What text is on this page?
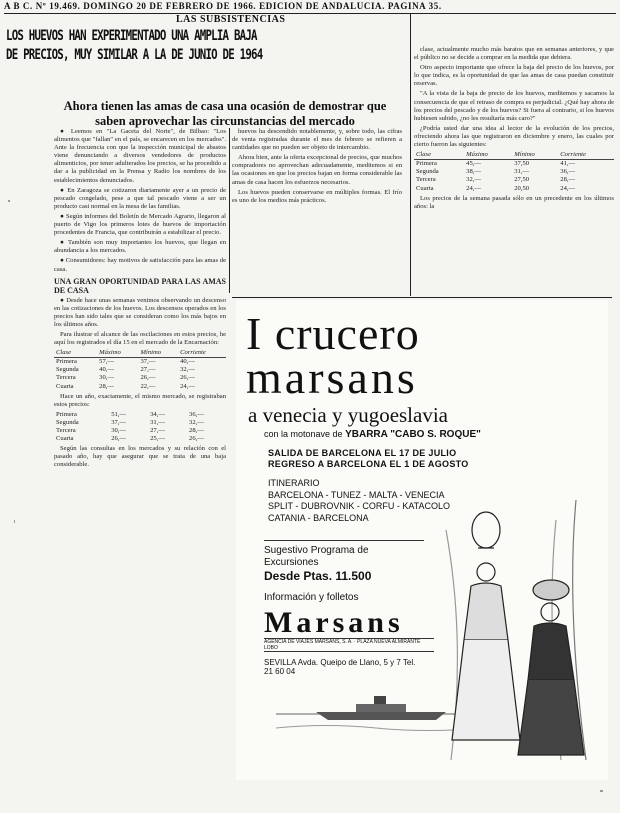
A B C. Nº 19.469. DOMINGO 20 DE FEBRERO DE 1966. EDICION DE ANDALUCIA. PAGINA 35.
LAS SUBSISTENCIAS
LOS HUEVOS HAN EXPERIMENTADO UNA AMPLIA BAJA
DE PRECIOS, MUY SIMILAR A LA DE JUNIO DE 1964
Ahora tienen las amas de casa una ocasión de demostrar que saben aprovechar las circunstancias del mercado

● Leemos en "La Gaceta del Norte", de Bilbao: "Los alimentos que "fallan" en el país, se encarecen en los mercados". Ante la frecuencia con que la inspección municipal de abastos viene denunciando a diversos vendedores de productos alimenticios, por tener adulterados los precios, se ha procedido a dar a la publicidad en la Prensa y Radio los nombres de los establecimientos denunciados.

● En Zaragoza se cotizaron diariamente ayer a un precio de pescado congelado, pese a que tal pescado viene a ser un producto casi normal en la mesa de las familias.

● Según informes del Boletín de Mercado Agrario, llegaron al puerto de Vigo los primeros lotes de huevos de importación procedentes de Francia, que contribuirán a estabilizar el precio.

● También son muy importantes los huevos, que llegan en abundancia a los mercados.

● Consumidores: hay motivos de satisfacción para las amas de casa.

UNA GRAN OPORTUNIDAD PARA LAS AMAS DE CASA

● Desde hace unas semanas venimos observando un descenso en las cotizaciones de los huevos. Los descensos operados en los precios han sido tales que se consideran como los más bajos en los últimos años.

Para ilustrar el alcance de las oscilaciones en estos precios, he aquí los registrados el día 15 en el mercado de la Encarnación:

Clase	Máximo	Mínimo	Corriente
Primera	57,—	37,—	40,—
Segunda	40,—	27,—	32,—
Tercera	30,—	26,—	26,—
Cuarta	28,—	22,—	24,—

Hace un año, exactamente, el mismo mercado, se registraban estos precios:

Primera	51,—	34,—	36,—
Segunda	37,—	31,—	32,—
Tercera	30,—	27,—	28,—
Cuarta	26,—	25,—	26,—

Según las consultas en los mercados y su relación con el pasado año, hay que asegurar que se trata de una baja considerable.

huevos ha descendido notablemente, y, sobre todo, las cifras de venta registradas durante el mes de febrero se refieren a cantidades que no pueden ser objeto de intercambio.

Ahora bien, ante la oferta excepcional de precios, que muchos compradores no aprovechan adecuadamente, meditemos si en las ocasiones en que los precios bajan en forma considerable las amas de casa hacen los esfuerzos necesarios.

Los huevos pueden conservarse en múltiples formas. El frío es uno de los medios más prácticos.

clase, actualmente mucho más baratos que en semanas anteriores, y que el público no se decide a comprar en la medida que debiera.

Otro aspecto importante que ofrece la baja del precio de los huevos, por lo que indica, es la oportunidad de que las amas de casa puedan constituir reservas.

"A la vista de la baja de precio de los huevos, meditemos y sacamos la consecuencia de que el retraso de compra es perjudicial. ¿Qué hay ahora de los precios del pescado y de los huevos? Si fuera al contrario, si los huevos hubiesen subido, ¿no les resultaría más caro?"

¿Podría usted dar una idea al lector de la evolución de los precios, ofreciendo ahora las que registraron en diciembre y enero, las cuales por cierto fueron las siguientes:

Clase	Máximo	Mínimo	Corriente
Primera	45,—	37,50	41,—
Segunda	38,—	31,—	36,—
Tercera	32,—	27,50	28,—
Cuarta	24,—	20,50	24,—

Los precios de la semana pasada sólo en un precedente en los últimos años: la

I crucero
marsans
a venecia y yugoeslavia
con la motonave de YBARRA "CABO S. ROQUE"
SALIDA DE BARCELONA EL 17 DE JULIO
REGRESO A BARCELONA EL 1 DE AGOSTO
ITINERARIO
BARCELONA - TUNEZ - MALTA - VENECIA
SPLIT - DUBROVNIK - CORFU - KATACOLO
CATANIA - BARCELONA
Sugestivo Programa de Excursiones
Desde Ptas. 11.500
Información y folletos
Marsans
AGENCIA DE VIAJES MARSANS, S. A. · PLAZA NUEVA ALMIRANTE LOBO
SEVILLA Avda. Queipo de Llano, 5 y 7 Tel. 21 60 04
